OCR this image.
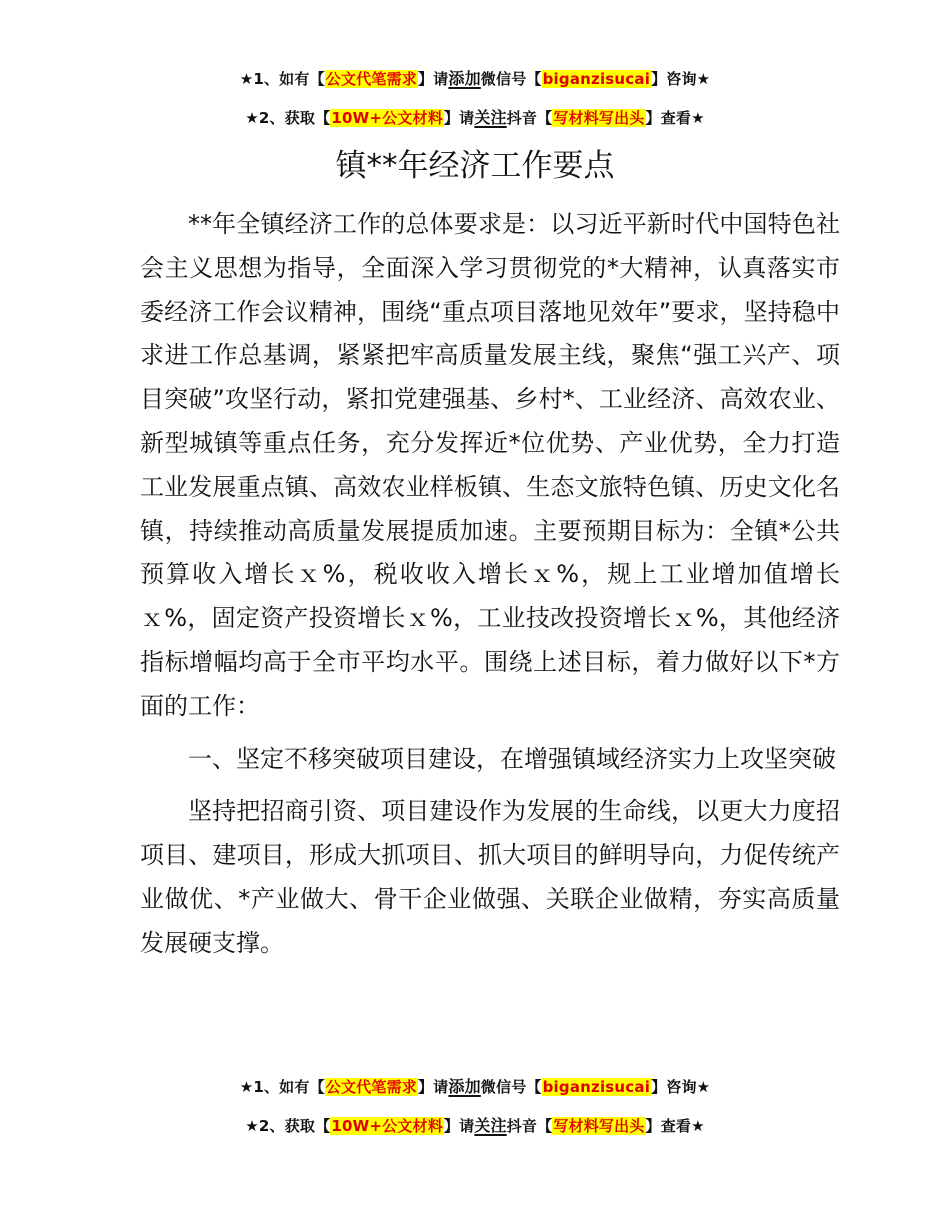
★1、如有【公文代笔需求】请添加微信号【biganzisucai】咨询★
★2、获取【10W+公文材料】请关注抖音【写材料写出头】查看★
镇**年经济工作要点

**年全镇经济工作的总体要求是：以习近平新时代中国特色社会主义思想为指导，全面深入学习贯彻党的*大精神，认真落实市委经济工作会议精神，围绕“重点项目落地见效年”要求，坚持稳中求进工作总基调，紧紧把牢高质量发展主线，聚焦“强工兴产、项目突破”攻坚行动，紧扣党建强基、乡村*、工业经济、高效农业、新型城镇等重点任务，充分发挥近*位优势、产业优势，全力打造工业发展重点镇、高效农业样板镇、生态文旅特色镇、历史文化名镇，持续推动高质量发展提质加速。主要预期目标为：全镇*公共预算收入增长ｘ%，税收收入增长ｘ%，规上工业增加值增长ｘ%，固定资产投资增长ｘ%，工业技改投资增长ｘ%，其他经济指标增幅均高于全市平均水平。围绕上述目标，着力做好以下*方面的工作：

一、坚定不移突破项目建设，在增强镇域经济实力上攻坚突破

坚持把招商引资、项目建设作为发展的生命线，以更大力度招项目、建项目，形成大抓项目、抓大项目的鲜明导向，力促传统产业做优、*产业做大、骨干企业做强、关联企业做精，夯实高质量发展硬支撑。

★1、如有【公文代笔需求】请添加微信号【biganzisucai】咨询★
★2、获取【10W+公文材料】请关注抖音【写材料写出头】查看★
